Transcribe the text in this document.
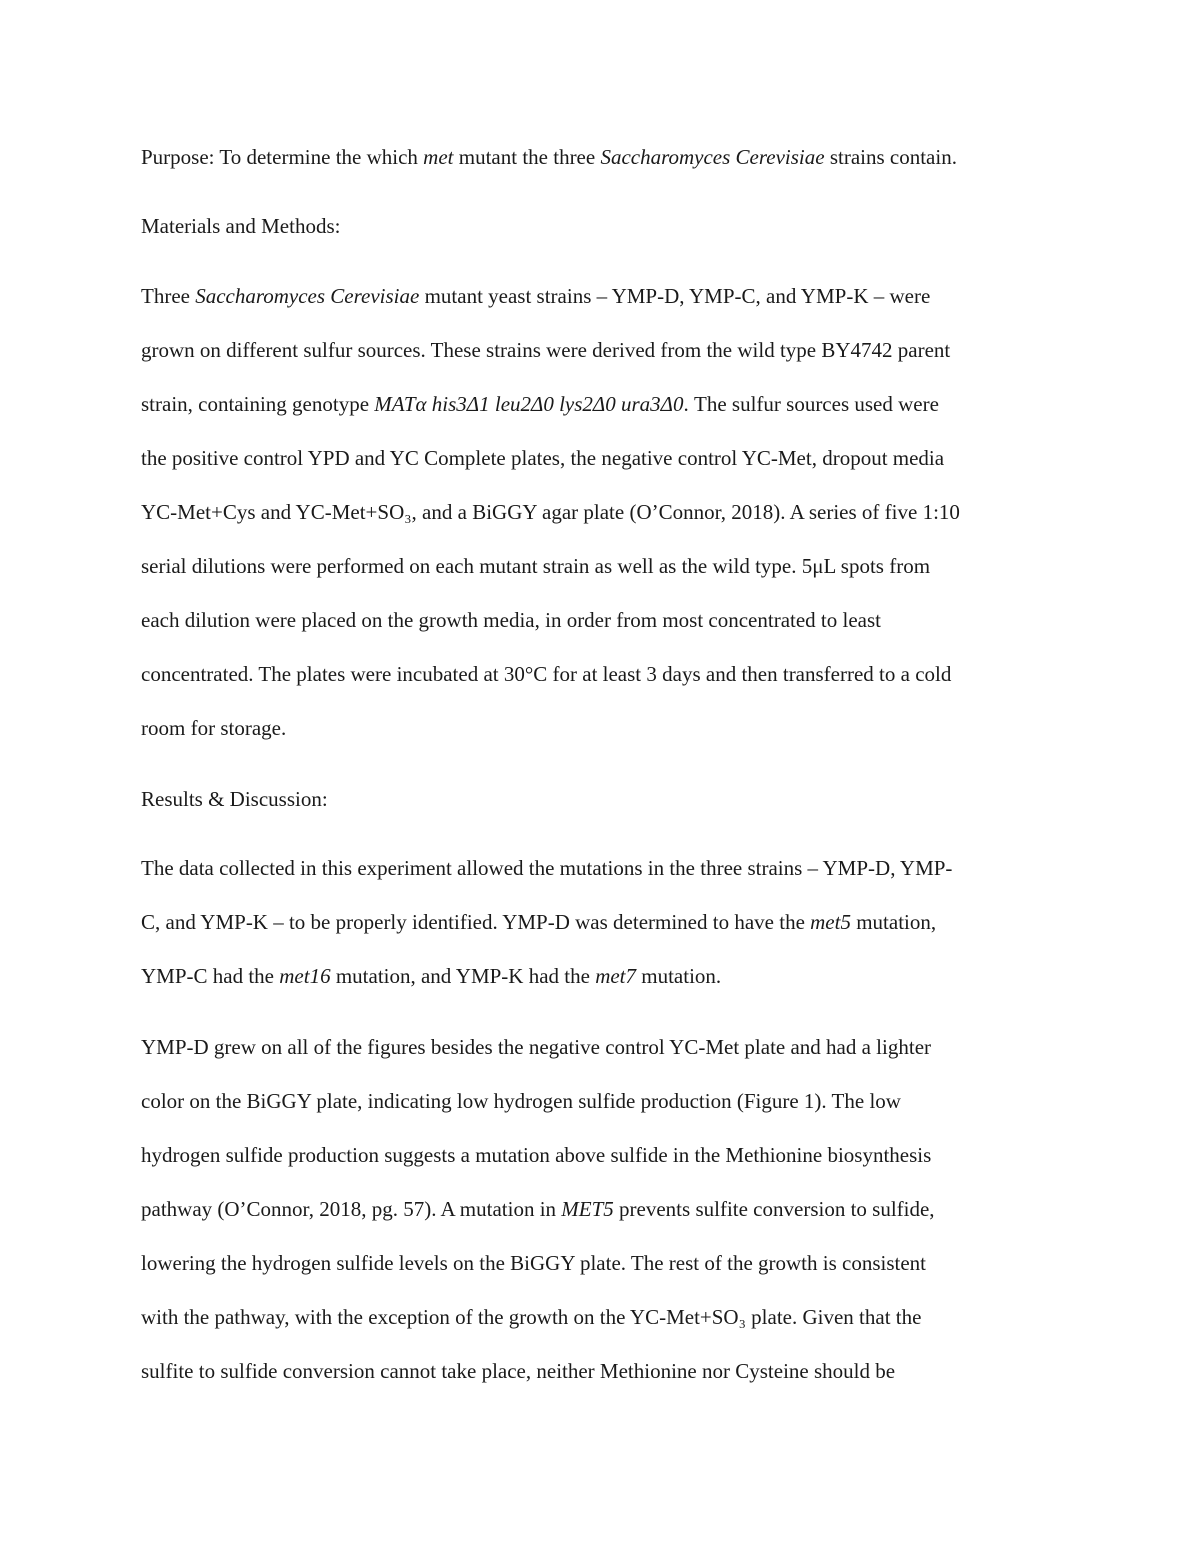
Purpose: To determine the which met mutant the three Saccharomyces Cerevisiae strains contain.

Materials and Methods:

Three Saccharomyces Cerevisiae mutant yeast strains – YMP-D, YMP-C, and YMP-K – were

grown on different sulfur sources. These strains were derived from the wild type BY4742 parent

strain, containing genotype MATα his3Δ1 leu2Δ0 lys2Δ0 ura3Δ0. The sulfur sources used were

the positive control YPD and YC Complete plates, the negative control YC-Met, dropout media

YC-Met+Cys and YC-Met+SO₃, and a BiGGY agar plate (O’Connor, 2018). A series of five 1:10

serial dilutions were performed on each mutant strain as well as the wild type. 5μL spots from

each dilution were placed on the growth media, in order from most concentrated to least

concentrated. The plates were incubated at 30°C for at least 3 days and then transferred to a cold

room for storage.

Results & Discussion:

The data collected in this experiment allowed the mutations in the three strains – YMP-D, YMP-

C, and YMP-K – to be properly identified. YMP-D was determined to have the met5 mutation,

YMP-C had the met16 mutation, and YMP-K had the met7 mutation.

YMP-D grew on all of the figures besides the negative control YC-Met plate and had a lighter

color on the BiGGY plate, indicating low hydrogen sulfide production (Figure 1). The low

hydrogen sulfide production suggests a mutation above sulfide in the Methionine biosynthesis

pathway (O’Connor, 2018, pg. 57). A mutation in MET5 prevents sulfite conversion to sulfide,

lowering the hydrogen sulfide levels on the BiGGY plate. The rest of the growth is consistent

with the pathway, with the exception of the growth on the YC-Met+SO₃ plate. Given that the

sulfite to sulfide conversion cannot take place, neither Methionine nor Cysteine should be
